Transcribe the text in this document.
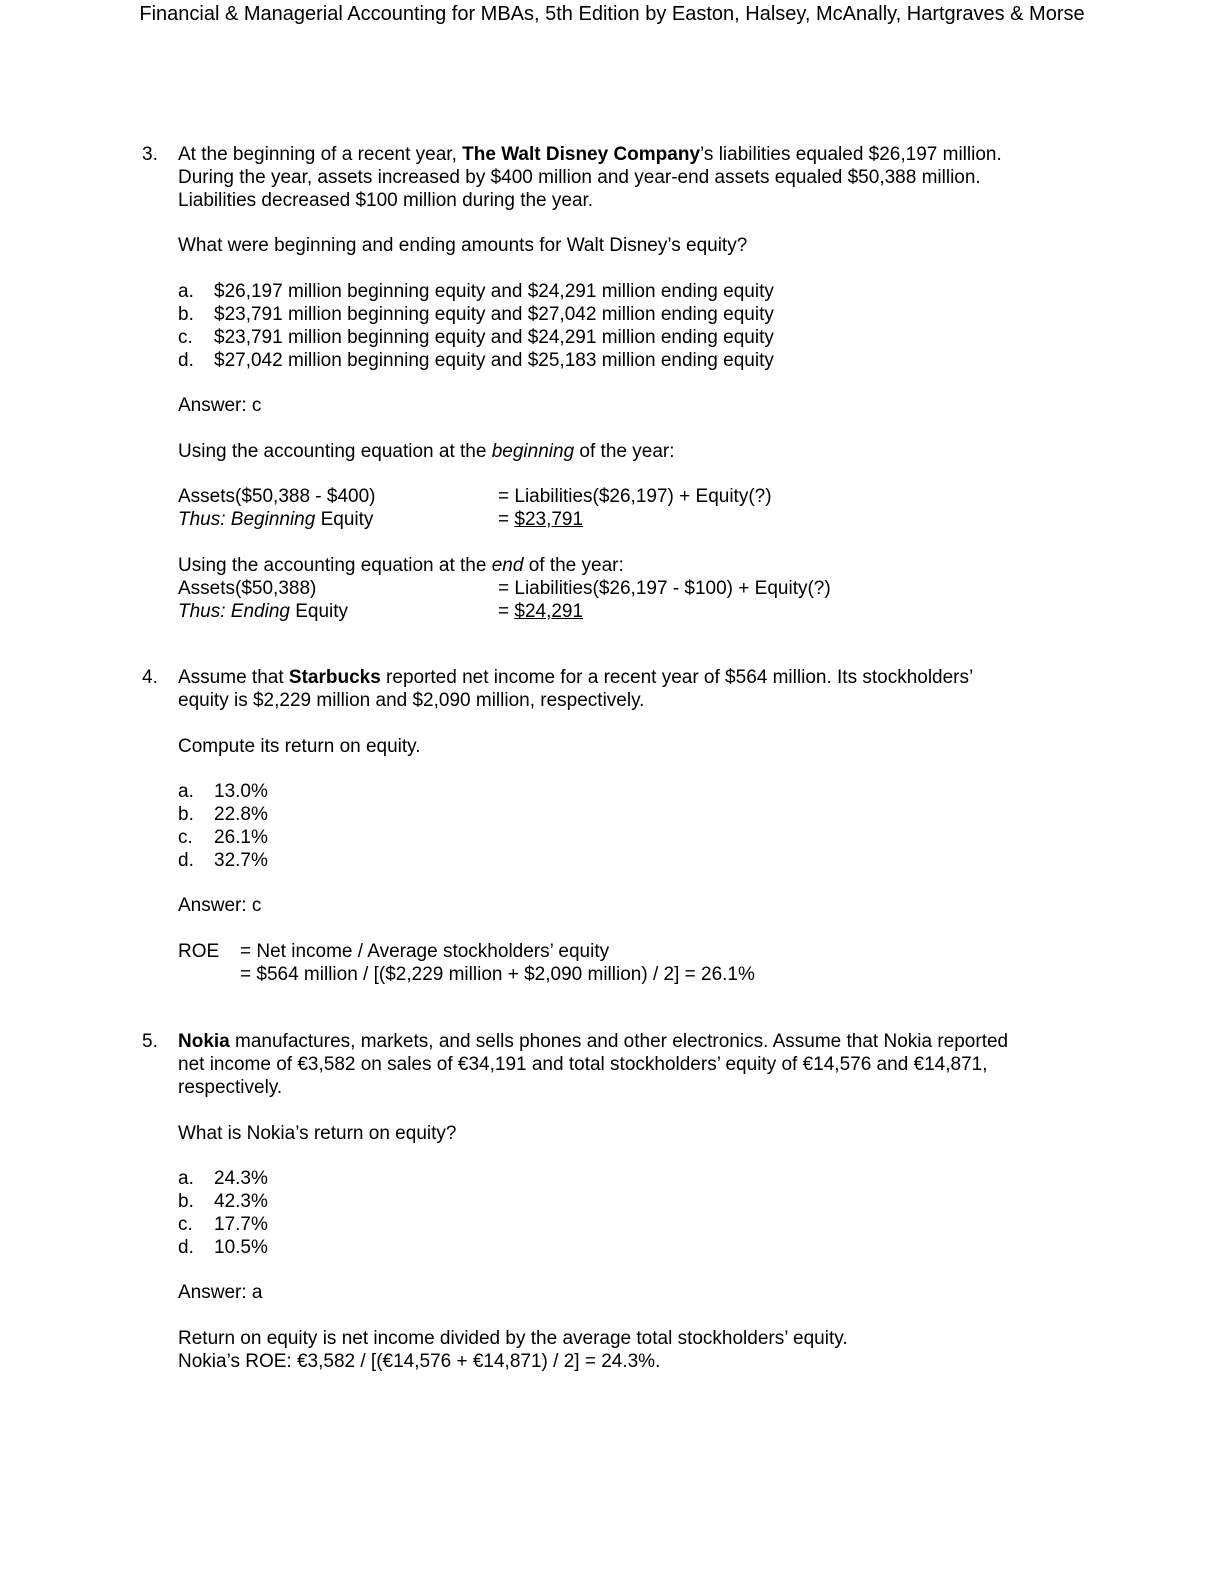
Financial & Managerial Accounting for MBAs, 5th Edition by Easton, Halsey, McAnally, Hartgraves & Morse
3. At the beginning of a recent year, The Walt Disney Company’s liabilities equaled $26,197 million.
During the year, assets increased by $400 million and year-end assets equaled $50,388 million.
Liabilities decreased $100 million during the year.
What were beginning and ending amounts for Walt Disney’s equity?
a. $26,197 million beginning equity and $24,291 million ending equity
b. $23,791 million beginning equity and $27,042 million ending equity
c. $23,791 million beginning equity and $24,291 million ending equity
d. $27,042 million beginning equity and $25,183 million ending equity
Answer: c
Using the accounting equation at the beginning of the year:
Assets($50,388 - $400)	= Liabilities($26,197) + Equity(?)
Thus: Beginning Equity	= $23,791
Using the accounting equation at the end of the year:
Assets($50,388)	= Liabilities($26,197 - $100) + Equity(?)
Thus: Ending Equity	= $24,291
4. Assume that Starbucks reported net income for a recent year of $564 million. Its stockholders’
equity is $2,229 million and $2,090 million, respectively.
Compute its return on equity.
a. 13.0%
b. 22.8%
c. 26.1%
d. 32.7%
Answer: c
ROE = Net income / Average stockholders’ equity
= $564 million / [($2,229 million + $2,090 million) / 2] = 26.1%
5. Nokia manufactures, markets, and sells phones and other electronics. Assume that Nokia reported
net income of €3,582 on sales of €34,191 and total stockholders’ equity of €14,576 and €14,871,
respectively.
What is Nokia’s return on equity?
a. 24.3%
b. 42.3%
c. 17.7%
d. 10.5%
Answer: a
Return on equity is net income divided by the average total stockholders’ equity.
Nokia’s ROE: €3,582 / [(€14,576 + €14,871) / 2] = 24.3%.
